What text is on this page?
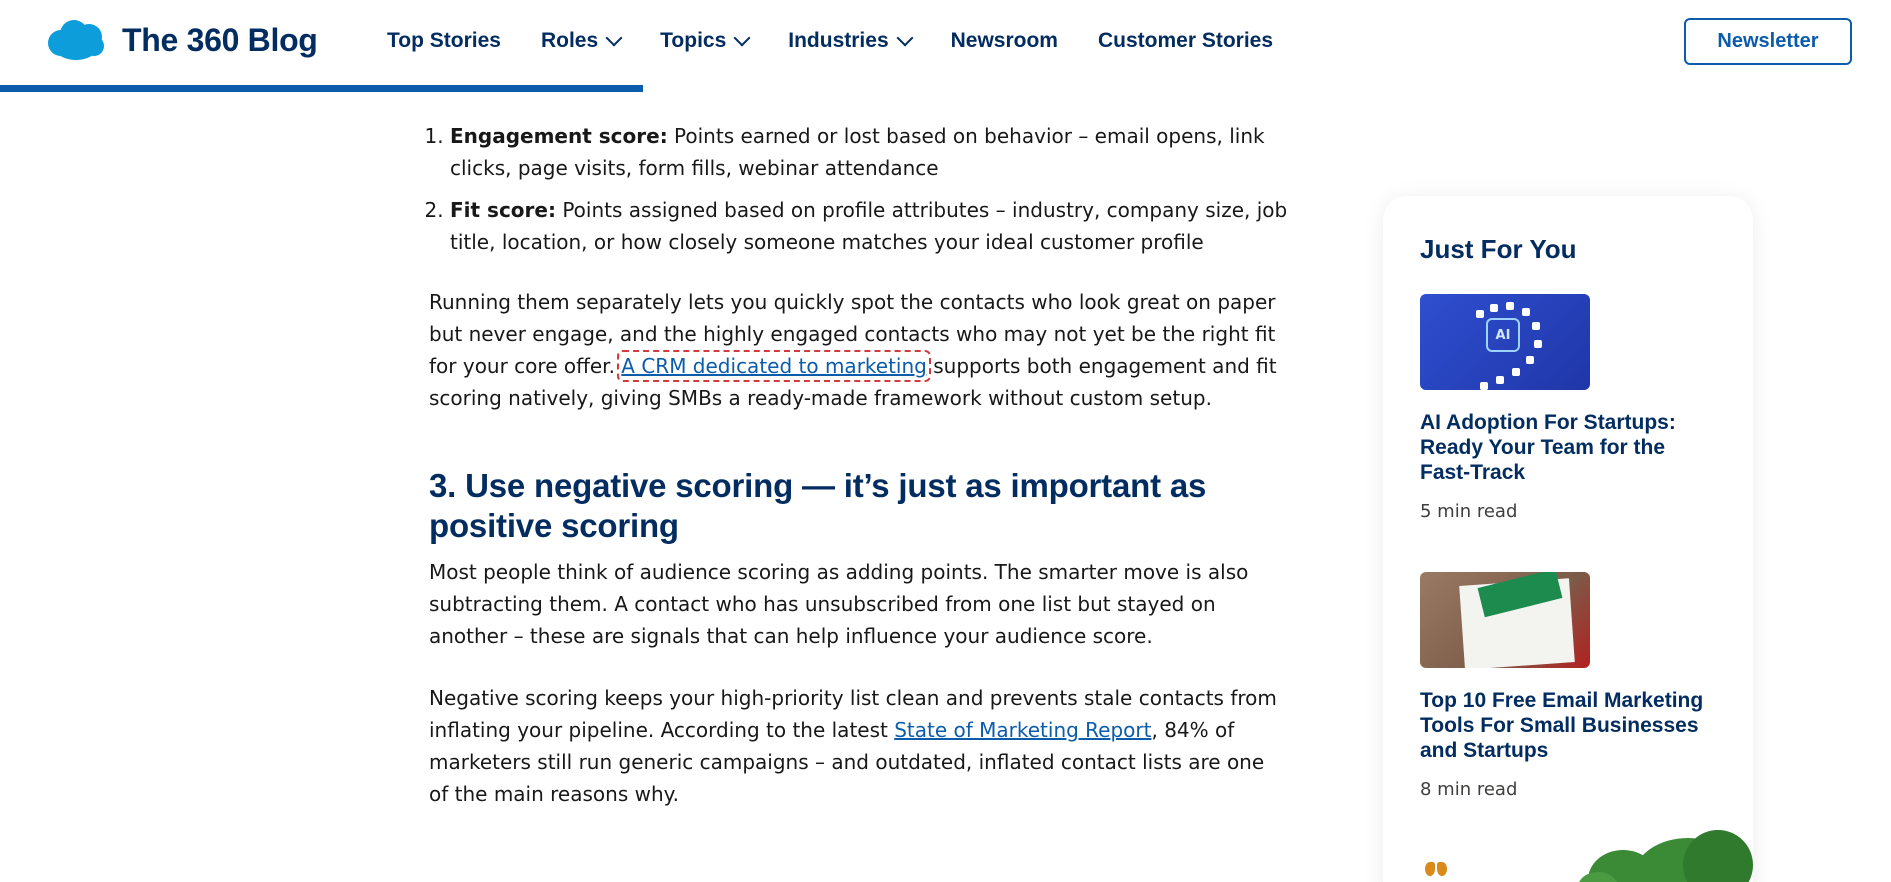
The 360 Blog	Top Stories Roles	Topics	Industries	Newsroom Customer Stories	Newsletter
1. Engagement score: Points earned or lost based on behavior – email opens, link clicks, page visits, form fills, webinar attendance
2. Fit score: Points assigned based on profile attributes – industry, company size, job title, location, or how closely someone matches your ideal customer profile

Running them separately lets you quickly spot the contacts who look great on paper but never engage, and the highly engaged contacts who may not yet be the right fit for your core offer. A CRM dedicated to marketing supports both engagement and fit scoring natively, giving SMBs a ready-made framework without custom setup.

3. Use negative scoring — it’s just as important as positive scoring

Most people think of audience scoring as adding points. The smarter move is also subtracting them. A contact who has unsubscribed from one list but stayed on another – these are signals that can help influence your audience score.

Negative scoring keeps your high-priority list clean and prevents stale contacts from inflating your pipeline. According to the latest State of Marketing Report, 84% of marketers still run generic campaigns – and outdated, inflated contact lists are one of the main reasons why.

Just For You
AI
AI Adoption For Startups: Ready Your Team for the Fast-Track
5 min read
Top 10 Free Email Marketing Tools For Small Businesses and Startups
8 min read
